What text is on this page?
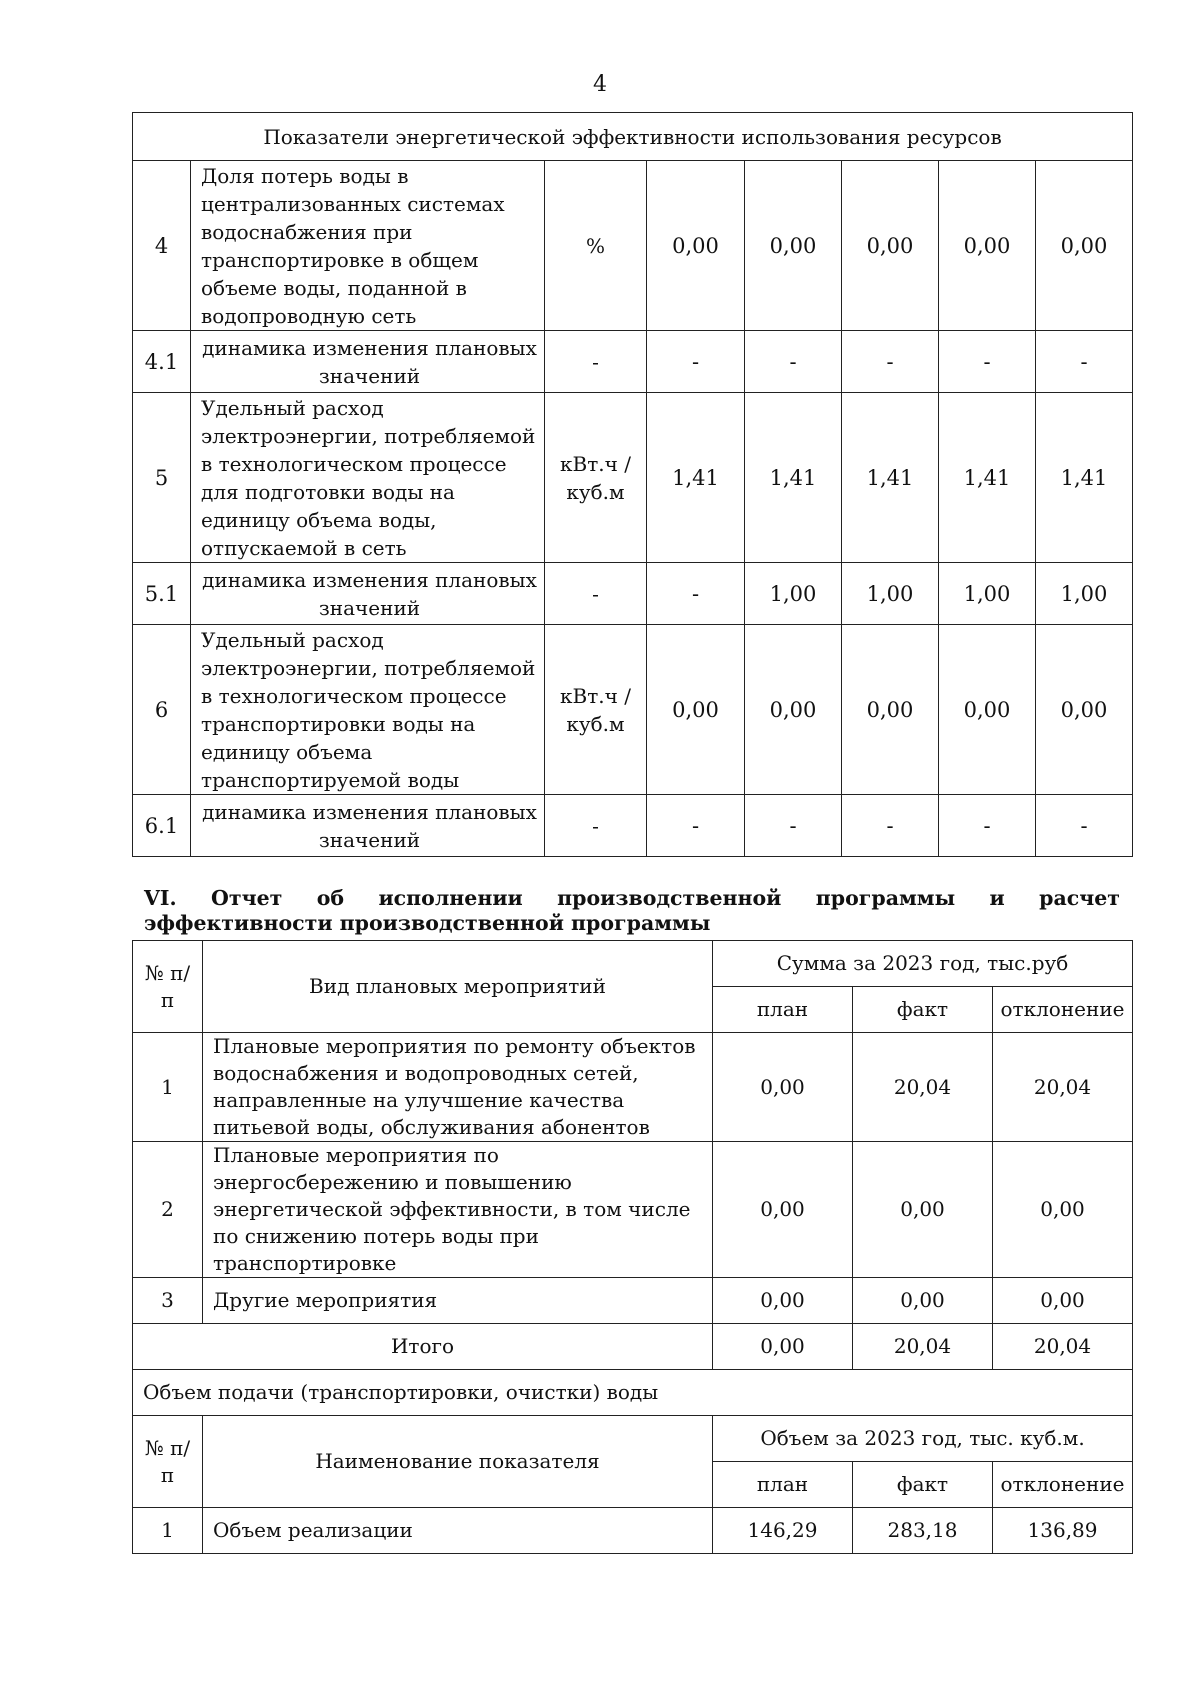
4
Показатели энергетической эффективности использования ресурсов							
4	Доля потерь воды в централизованных системах водоснабжения при транспортировке в общем объеме воды, поданной в водопроводную сеть	%	0,00	0,00	0,00	0,00	0,00
4.1	динамика изменения плановых значений	-	-	-	-	-	-
5	Удельный расход электроэнергии, потребляемой в технологическом процессе для подготовки воды на единицу объема воды, отпускаемой в сеть	кВт.ч / куб.м	1,41	1,41	1,41	1,41	1,41
5.1	динамика изменения плановых значений	-	-	1,00	1,00	1,00	1,00
6	Удельный расход электроэнергии, потребляемой в технологическом процессе транспортировки воды на единицу объема транспортируемой воды	кВт.ч / куб.м	0,00	0,00	0,00	0,00	0,00
6.1	динамика изменения плановых значений	-	-	-	-	-	-
VI. Отчет об исполнении производственной программы и расчет эффективности производственной программы
№ п/п	Вид плановых мероприятий	Сумма за 2023 год, тыс.руб		
		план	факт	отклонение
1	Плановые мероприятия по ремонту объектов водоснабжения и водопроводных сетей, направленные на улучшение качества питьевой воды, обслуживания абонентов	0,00	20,04	20,04
2	Плановые мероприятия по энергосбережению и повышению энергетической эффективности, в том числе по снижению потерь воды при транспортировке	0,00	0,00	0,00
3	Другие мероприятия	0,00	0,00	0,00
Итого		0,00	20,04	20,04
Объем подачи (транспортировки, очистки) воды				
№ п/п	Наименование показателя	Объем за 2023 год, тыс. куб.м.		
		план	факт	отклонение
1	Объем реализации	146,29	283,18	136,89
